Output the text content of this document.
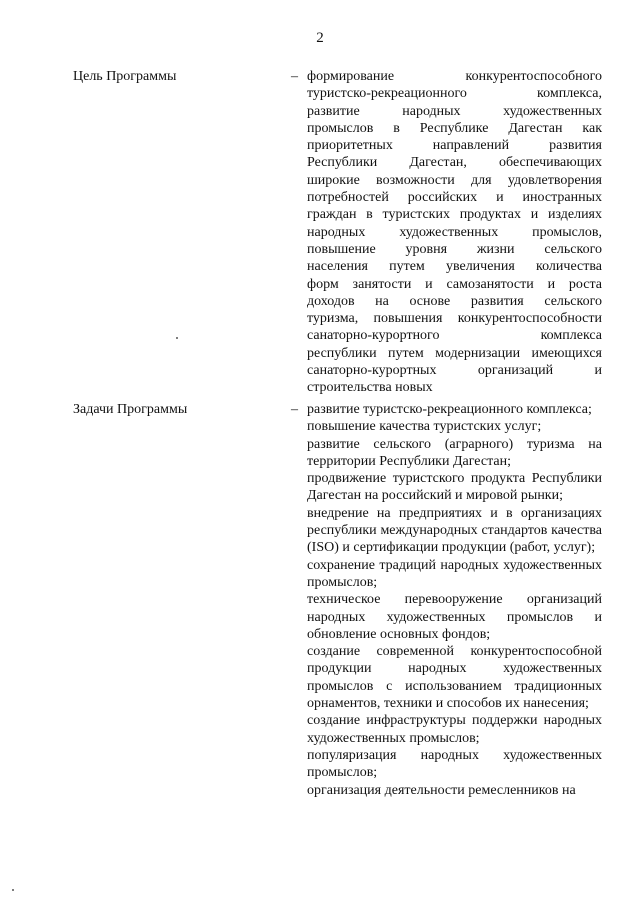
2
Цель Программы	– формирование конкурентоспособного
туристско-рекреационного комплекса,
развитие народных художественных
промыслов в Республике Дагестан как
приоритетных направлений развития
Республики Дагестан, обеспечивающих
широкие возможности для удовлетворения
потребностей российских и иностранных
граждан в туристских продуктах и изделиях
народных художественных промыслов,
повышение уровня жизни сельского
населения путем увеличения количества
форм занятости и самозанятости и роста
доходов на основе развития сельского
туризма, повышения конкурентоспособности
санаторно-курортного комплекса
республики путем модернизации имеющихся
санаторно-курортных организаций и
строительства новых
Задачи Программы	– развитие туристско-рекреационного комплекса;
повышение качества туристских услуг;
развитие сельского (аграрного) туризма на территории Республики Дагестан;
продвижение туристского продукта Республики Дагестан на российский и мировой рынки;
внедрение на предприятиях и в организациях республики международных стандартов качества (ISO) и сертификации продукции (работ, услуг);
сохранение традиций народных художественных промыслов;
техническое перевооружение организаций народных художественных промыслов и обновление основных фондов;
создание современной конкурентоспособной продукции народных художественных промыслов с использованием традиционных орнаментов, техники и способов их нанесения;
создание инфраструктуры поддержки народных художественных промыслов;
популяризация народных художественных промыслов;
организация деятельности ремесленников на
